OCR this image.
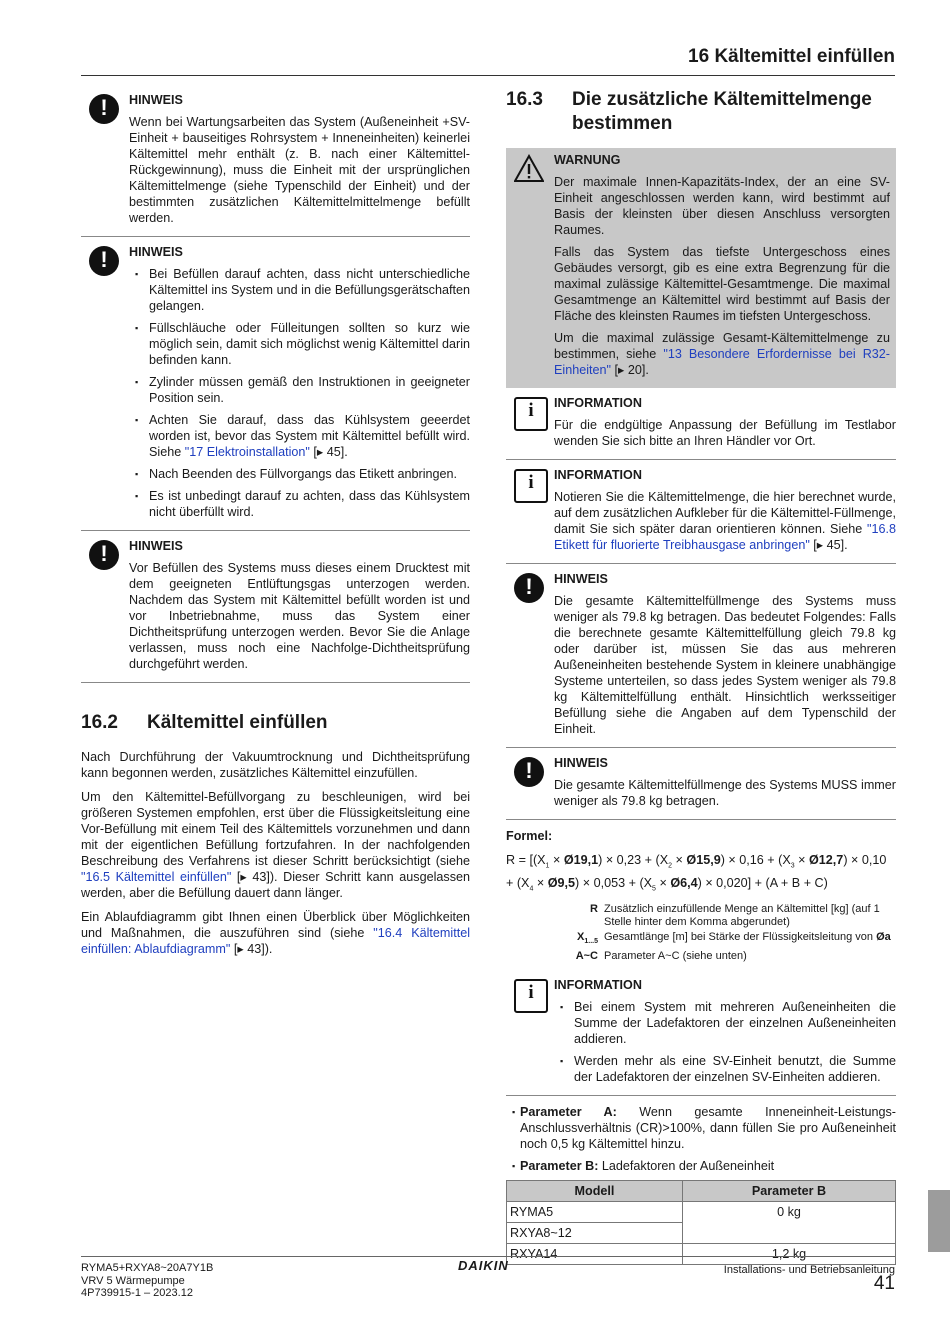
16 Kältemittel einfüllen
!	HINWEIS

Wenn bei Wartungsarbeiten das System (Außeneinheit +SV-Einheit + bauseitiges Rohrsystem + Inneneinheiten) keinerlei Kältemittel mehr enthält (z. B. nach einer Kältemittel-Rückgewinnung), muss die Einheit mit der ursprünglichen Kältemittelmenge (siehe Typenschild der Einheit) und der bestimmten zusätzlichen Kältemittelmittelmenge befüllt werden.

!	HINWEIS
▪ Bei Befüllen darauf achten, dass nicht unterschiedliche Kältemittel ins System und in die Befüllungsgerätschaften gelangen.
▪ Füllschläuche oder Fülleitungen sollten so kurz wie möglich sein, damit sich möglichst wenig Kältemittel darin befinden kann.
▪ Zylinder müssen gemäß den Instruktionen in geeigneter Position sein.
▪ Achten Sie darauf, dass das Kühlsystem geeerdet worden ist, bevor das System mit Kältemittel befüllt wird. Siehe "17 Elektroinstallation" [▸ 45].
▪ Nach Beenden des Füllvorgangs das Etikett anbringen.
▪ Es ist unbedingt darauf zu achten, dass das Kühlsystem nicht überfüllt wird.
!	HINWEIS

Vor Befüllen des Systems muss dieses einem Drucktest mit dem geeigneten Entlüftungsgas unterzogen werden. Nachdem das System mit Kältemittel befüllt worden ist und vor Inbetriebnahme, muss das System einer Dichtheitsprüfung unterzogen werden. Bevor Sie die Anlage verlassen, muss noch eine Nachfolge-Dichtheitsprüfung durchgeführt werden.

16.2 Kältemittel einfüllen

Nach Durchführung der Vakuumtrocknung und Dichtheitsprüfung kann begonnen werden, zusätzliches Kältemittel einzufüllen.

Um den Kältemittel-Befüllvorgang zu beschleunigen, wird bei größeren Systemen empfohlen, erst über die Flüssigkeitsleitung eine Vor-Befüllung mit einem Teil des Kältemittels vorzunehmen und dann mit der eigentlichen Befüllung fortzufahren. In der nachfolgenden Beschreibung des Verfahrens ist dieser Schritt berücksichtigt (siehe "16.5 Kältemittel einfüllen" [▸ 43]). Dieser Schritt kann ausgelassen werden, aber die Befüllung dauert dann länger.

Ein Ablaufdiagramm gibt Ihnen einen Überblick über Möglichkeiten und Maßnahmen, die auszuführen sind (siehe "16.4 Kältemittel einfüllen: Ablaufdiagramm" [▸ 43]).

16.3	Die zusätzliche Kältemittelmenge bestimmen
WARNUNG

Der maximale Innen-Kapazitäts-Index, der an eine SV-Einheit angeschlossen werden kann, wird bestimmt auf Basis der kleinsten über diesen Anschluss versorgten Raumes.

Falls das System das tiefste Untergeschoss eines Gebäudes versorgt, gib es eine extra Begrenzung für die maximal zulässige Kältemittel-Gesamtmenge. Die maximal Gesamtmenge an Kältemittel wird bestimmt auf Basis der Fläche des kleinsten Raumes im tiefsten Untergeschoss.

Um die maximal zulässige Gesamt-Kältemittelmenge zu bestimmen, siehe "13 Besondere Erfordernisse bei R32-Einheiten" [▸ 20].

i	INFORMATION

Für die endgültige Anpassung der Befüllung im Testlabor wenden Sie sich bitte an Ihren Händler vor Ort.

i	INFORMATION

Notieren Sie die Kältemittelmenge, die hier berechnet wurde, auf dem zusätzlichen Aufkleber für die Kältemittel-Füllmenge, damit Sie sich später daran orientieren können. Siehe "16.8 Etikett für fluorierte Treibhausgase anbringen" [▸ 45].

!	HINWEIS

Die gesamte Kältemittelfüllmenge des Systems muss weniger als 79.8 kg betragen. Das bedeutet Folgendes: Falls die berechnete gesamte Kältemittelfüllung gleich 79.8 kg oder darüber ist, müssen Sie das aus mehreren Außeneinheiten bestehende System in kleinere unabhängige Systeme unterteilen, so dass jedes System weniger als 79.8 kg Kältemittelfüllung enthält. Hinsichtlich werksseitiger Befüllung siehe die Angaben auf dem Typenschild der Einheit.

!	HINWEIS

Die gesamte Kältemittelfüllmenge des Systems MUSS immer weniger als 79.8 kg betragen.

Formel:
$R = [(X_1$ × Ø19,1) × $0,23 + (X_2$ × Ø15,9) × $0,16 + (X_3$ × Ø12,7) × $0,10 + (X_4$ × Ø9,5) × $0,053 + (X_5$ × Ø6,4) × 0,020] + (A + B + C)
R Zusätzlich einzufüllende Menge an Kältemittel [kg] (auf 1 Stelle hinter dem Komma abgerundet)
$X_{1...5}$ Gesamtlänge [m] bei Stärke der Flüssigkeitsleitung von Øa
A~C Parameter A~C (siehe unten)
i	INFORMATION
▪ Bei einem System mit mehreren Außeneinheiten die Summe der Ladefaktoren der einzelnen Außeneinheiten addieren.
▪ Werden mehr als eine SV-Einheit benutzt, die Summe der Ladefaktoren der einzelnen SV-Einheiten addieren.
▪ Parameter A: Wenn gesamte Inneneinheit-Leistungs-Anschlussverhältnis (CR)>100%, dann füllen Sie pro Außeneinheit noch 0,5 kg Kältemittel hinzu.
▪ Parameter B: Ladefaktoren der Außeneinheit
Modell	Parameter B
RYMA5	0 kg
RXYA8~12	
RXYA14	1,2 kg
RYMA5+RXYA8~20A7Y1B
VRV 5 Wärmepumpe
4P739915-1 – 2023.12
DAIKIN	Installations- und Betriebsanleitung
41
